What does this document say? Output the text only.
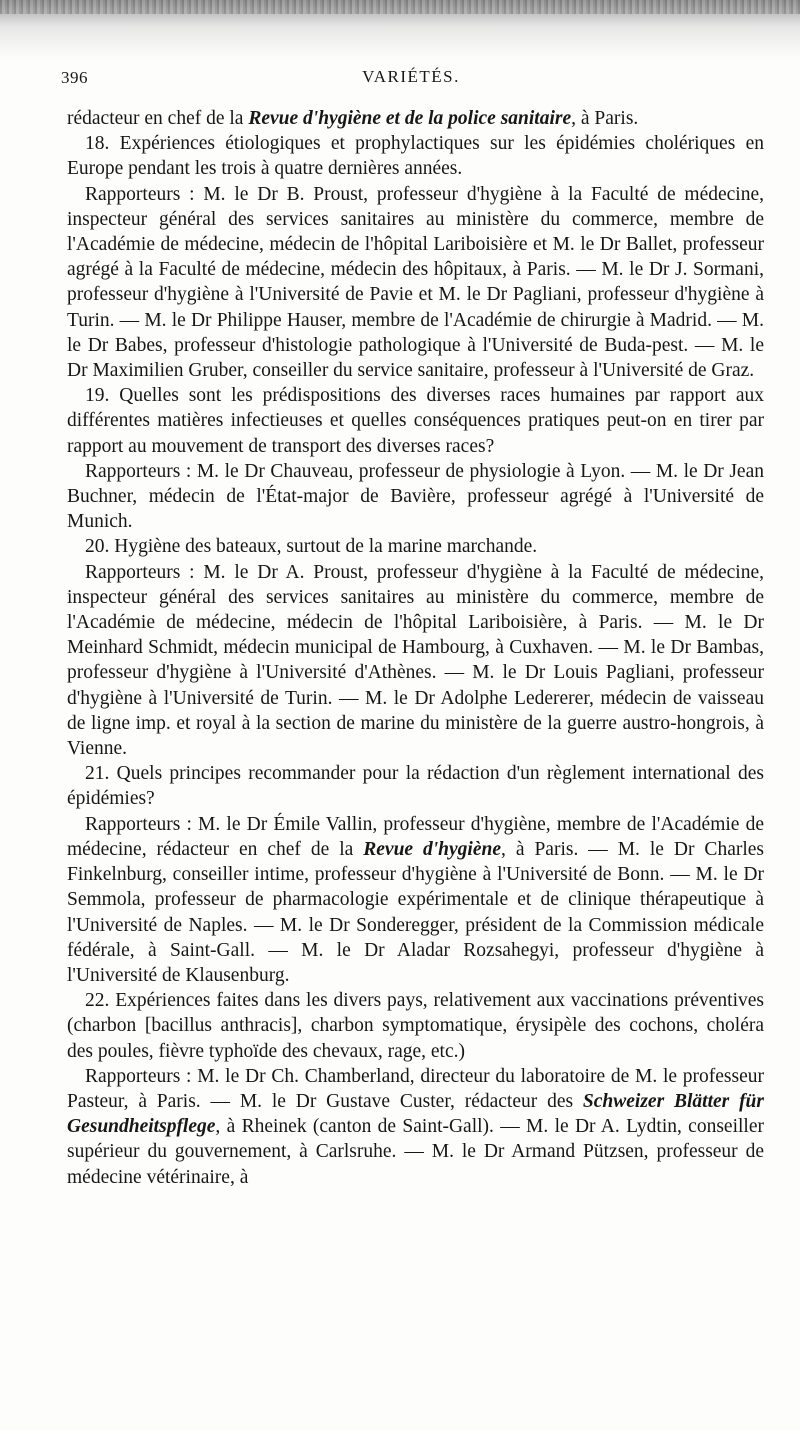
396	VARIÉTÉS.

rédacteur en chef de la Revue d'hygiène et de la police sanitaire, à Paris.

18. Expériences étiologiques et prophylactiques sur les épidémies cholériques en Europe pendant les trois à quatre dernières années.

Rapporteurs : M. le Dr B. Proust, professeur d'hygiène à la Faculté de médecine, inspecteur général des services sanitaires au ministère du commerce, membre de l'Académie de médecine, médecin de l'hôpital Lariboisière et M. le Dr Ballet, professeur agrégé à la Faculté de médecine, médecin des hôpitaux, à Paris. — M. le Dr J. Sormani, professeur d'hygiène à l'Université de Pavie et M. le Dr Pagliani, professeur d'hygiène à Turin. — M. le Dr Philippe Hauser, membre de l'Académie de chirurgie à Madrid. — M. le Dr Babes, professeur d'histologie pathologique à l'Université de Buda-pest. — M. le Dr Maximilien Gruber, conseiller du service sanitaire, professeur à l'Université de Graz.

19. Quelles sont les prédispositions des diverses races humaines par rapport aux différentes matières infectieuses et quelles conséquences pratiques peut-on en tirer par rapport au mouvement de transport des diverses races?

Rapporteurs : M. le Dr Chauveau, professeur de physiologie à Lyon. — M. le Dr Jean Buchner, médecin de l'État-major de Bavière, professeur agrégé à l'Université de Munich.

20. Hygiène des bateaux, surtout de la marine marchande.

Rapporteurs : M. le Dr A. Proust, professeur d'hygiène à la Faculté de médecine, inspecteur général des services sanitaires au ministère du commerce, membre de l'Académie de médecine, médecin de l'hôpital Lariboisière, à Paris. — M. le Dr Meinhard Schmidt, médecin municipal de Hambourg, à Cuxhaven. — M. le Dr Bambas, professeur d'hygiène à l'Université d'Athènes. — M. le Dr Louis Pagliani, professeur d'hygiène à l'Université de Turin. — M. le Dr Adolphe Ledererer, médecin de vaisseau de ligne imp. et royal à la section de marine du ministère de la guerre austro-hongrois, à Vienne.

21. Quels principes recommander pour la rédaction d'un règlement international des épidémies?

Rapporteurs : M. le Dr Émile Vallin, professeur d'hygiène, membre de l'Académie de médecine, rédacteur en chef de la Revue d'hygiène, à Paris. — M. le Dr Charles Finkelnburg, conseiller intime, professeur d'hygiène à l'Université de Bonn. — M. le Dr Semmola, professeur de pharmacologie expérimentale et de clinique thérapeutique à l'Université de Naples. — M. le Dr Sonderegger, président de la Commission médicale fédérale, à Saint-Gall. — M. le Dr Aladar Rozsahegyi, professeur d'hygiène à l'Université de Klausenburg.

22. Expériences faites dans les divers pays, relativement aux vaccinations préventives (charbon [bacillus anthracis], charbon symptomatique, érysipèle des cochons, choléra des poules, fièvre typhoïde des chevaux, rage, etc.)

Rapporteurs : M. le Dr Ch. Chamberland, directeur du laboratoire de M. le professeur Pasteur, à Paris. — M. le Dr Gustave Custer, rédacteur des Schweizer Blätter für Gesundheitspflege, à Rheinek (canton de Saint-Gall). — M. le Dr A. Lydtin, conseiller supérieur du gouvernement, à Carlsruhe. — M. le Dr Armand Pützsen, professeur de médecine vétérinaire, à
